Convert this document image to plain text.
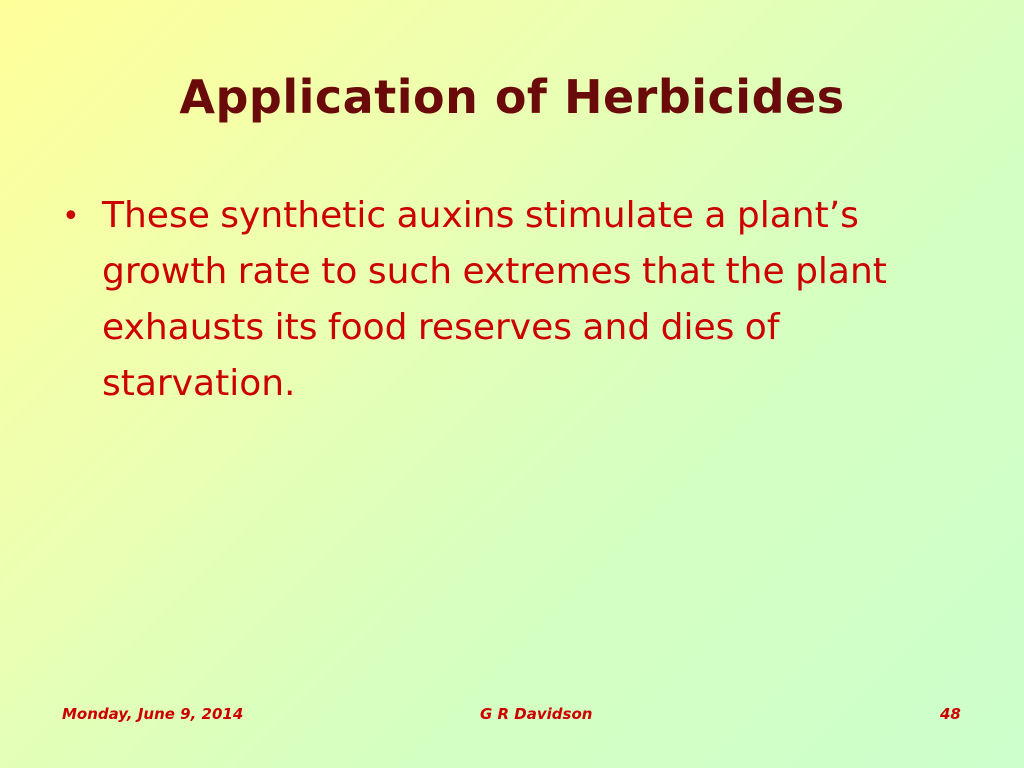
Application of Herbicides
• These synthetic auxins stimulate a plant’s growth rate to such extremes that the plant exhausts its food reserves and dies of starvation.
Monday, June 9, 2014	G R Davidson	48
